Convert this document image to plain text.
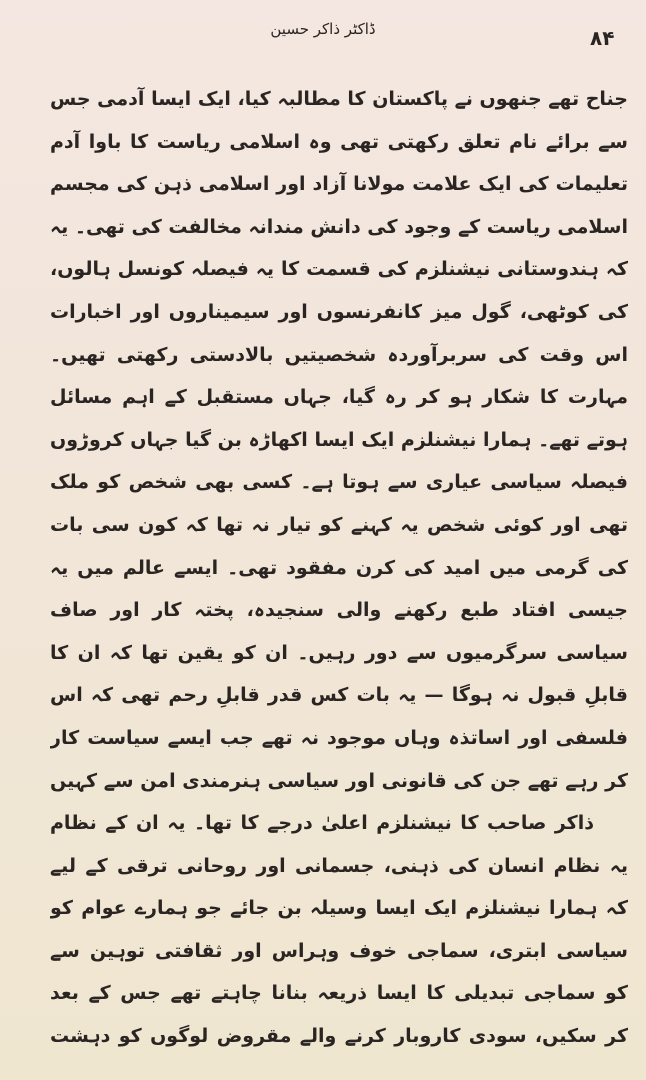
۸۴
ڈاکٹر ذاکر حسین
جناح تھے جنھوں نے پاکستان کا مطالبہ کیا، ایک ایسا آدمی جس
سے برائے نام تعلق رکھتی تھی وہ اسلامی ریاست کا باوا آدم
تعلیمات کی ایک علامت مولانا آزاد اور اسلامی ذہن کی مجسم
اسلامی ریاست کے وجود کی دانش مندانہ مخالفت کی تھی۔ یہ
کہ ہندوستانی نیشنلزم کی قسمت کا یہ فیصلہ کونسل ہالوں،
کی کوٹھی، گول میز کانفرنسوں اور سیمیناروں اور اخبارات
اس وقت کی سربرآوردہ شخصیتیں بالادستی رکھتی تھیں۔
مہارت کا شکار ہو کر رہ گیا، جہاں مستقبل کے اہم مسائل
ہوتے تھے۔ ہمارا نیشنلزم ایک ایسا اکھاڑہ بن گیا جہاں کروڑوں
فیصلہ سیاسی عیاری سے ہوتا ہے۔ کسی بھی شخص کو ملک
تھی اور کوئی شخص یہ کہنے کو تیار نہ تھا کہ کون سی بات
کی گرمی میں امید کی کرن مفقود تھی۔ ایسے عالم میں یہ
جیسی افتاد طبع رکھنے والی سنجیدہ، پختہ کار اور صاف
سیاسی سرگرمیوں سے دور رہیں۔ ان کو یقین تھا کہ ان کا
قابلِ قبول نہ ہوگا — یہ بات کس قدر قابلِ رحم تھی کہ اس
فلسفی اور اساتذہ وہاں موجود نہ تھے جب ایسے سیاست کار
کر رہے تھے جن کی قانونی اور سیاسی ہنرمندی امن سے کہیں
ذاکر صاحب کا نیشنلزم اعلیٰ درجے کا تھا۔ یہ ان کے نظام
یہ نظام انسان کی ذہنی، جسمانی اور روحانی ترقی کے لیے
کہ ہمارا نیشنلزم ایک ایسا وسیلہ بن جائے جو ہمارے عوام کو
سیاسی ابتری، سماجی خوف وہراس اور ثقافتی توہین سے
کو سماجی تبدیلی کا ایسا ذریعہ بنانا چاہتے تھے جس کے بعد
کر سکیں، سودی کاروبار کرنے والے مقروض لوگوں کو دہشت
